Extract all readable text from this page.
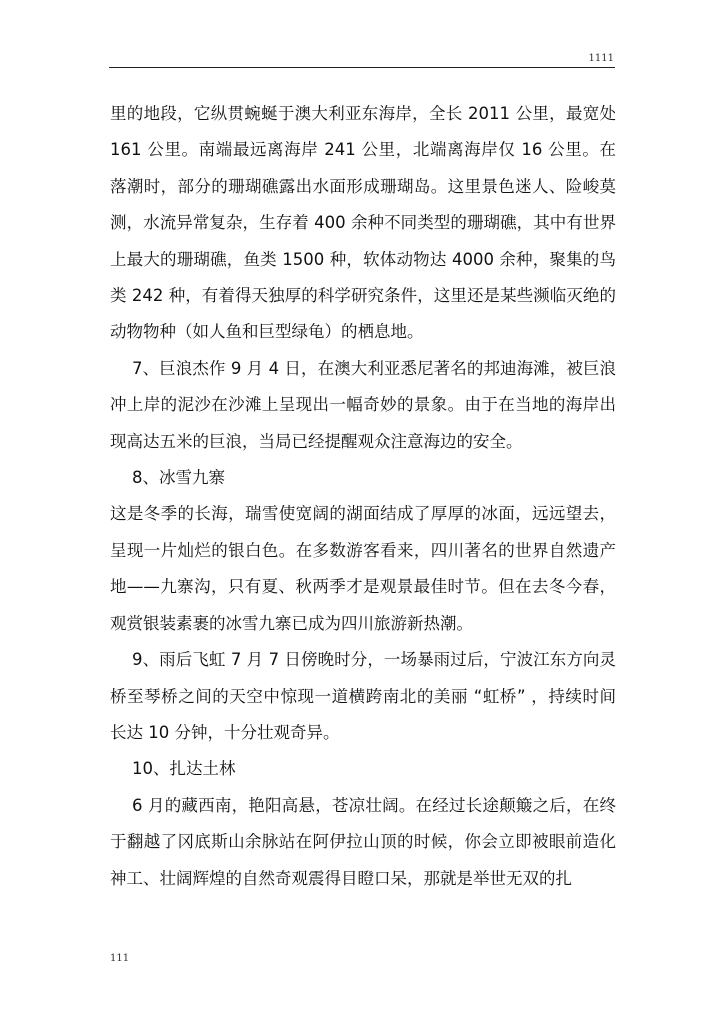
1111

里的地段，它纵贯蜿蜒于澳大利亚东海岸，全长 2011 公里，最宽处 161 公里。南端最远离海岸 241 公里，北端离海岸仅 16 公里。在落潮时，部分的珊瑚礁露出水面形成珊瑚岛。这里景色迷人、险峻莫测，水流异常复杂，生存着 400 余种不同类型的珊瑚礁，其中有世界上最大的珊瑚礁，鱼类 1500 种，软体动物达 4000 余种，聚集的鸟类 242 种，有着得天独厚的科学研究条件，这里还是某些濒临灭绝的动物物种（如人鱼和巨型绿龟）的栖息地。

7、巨浪杰作 9 月 4 日，在澳大利亚悉尼著名的邦迪海滩，被巨浪冲上岸的泥沙在沙滩上呈现出一幅奇妙的景象。由于在当地的海岸出现高达五米的巨浪，当局已经提醒观众注意海边的安全。

8、冰雪九寨

这是冬季的长海，瑞雪使宽阔的湖面结成了厚厚的冰面，远远望去，呈现一片灿烂的银白色。在多数游客看来，四川著名的世界自然遗产地——九寨沟，只有夏、秋两季才是观景最佳时节。但在去冬今春，观赏银装素裹的冰雪九寨已成为四川旅游新热潮。

9、雨后飞虹 7 月 7 日傍晚时分，一场暴雨过后，宁波江东方向灵桥至琴桥之间的天空中惊现一道横跨南北的美丽 “虹桥” ，持续时间长达 10 分钟，十分壮观奇异。

10、扎达土林

6 月的藏西南，艳阳高悬，苍凉壮阔。在经过长途颠簸之后，在终于翻越了冈底斯山余脉站在阿伊拉山顶的时候，你会立即被眼前造化神工、壮阔辉煌的自然奇观震得目瞪口呆，那就是举世无双的扎

111
